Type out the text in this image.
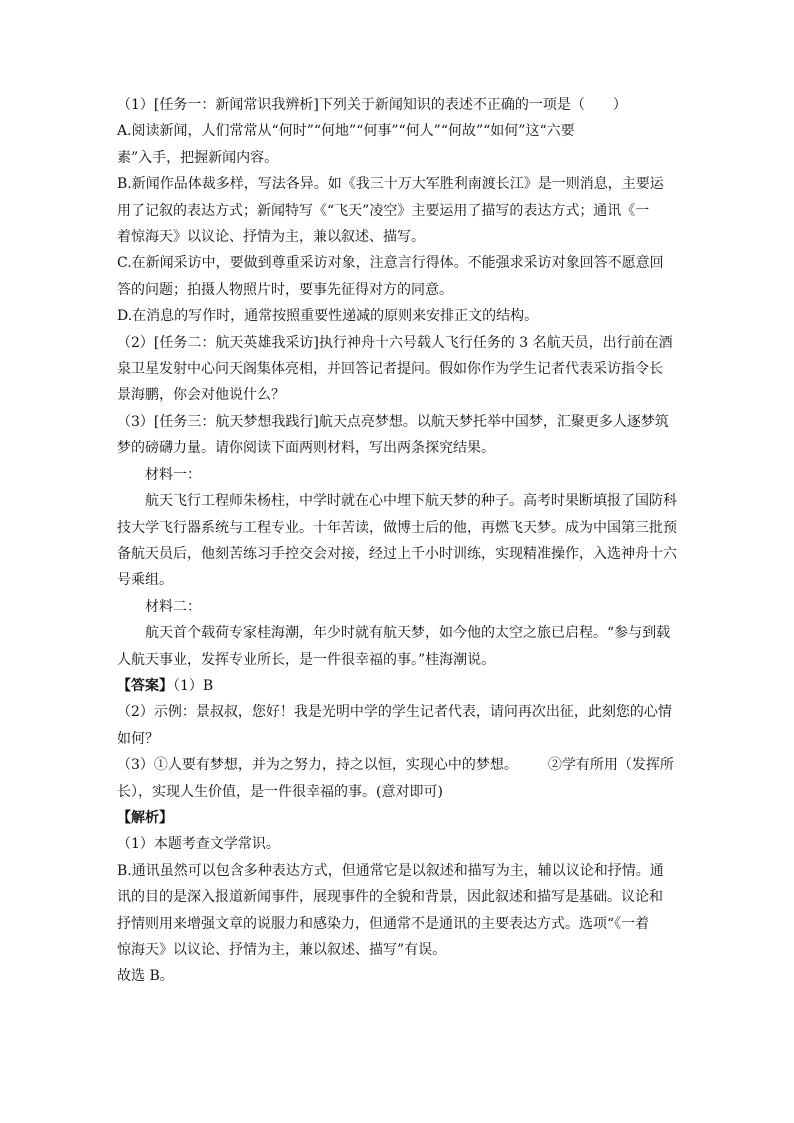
（1）[任务一：新闻常识我辨析]下列关于新闻知识的表述不正确的一项是（　　）

A.阅读新闻，人们常常从“何时”“何地”“何事”“何人”“何故”“如何”这“六要

素”入手，把握新闻内容。

B.新闻作品体裁多样，写法各异。如《我三十万大军胜利南渡长江》是一则消息，主要运

用了记叙的表达方式；新闻特写《“飞天”凌空》主要运用了描写的表达方式；通讯《一

着惊海天》以议论、抒情为主，兼以叙述、描写。

C.在新闻采访中，要做到尊重采访对象，注意言行得体。不能强求采访对象回答不愿意回

答的问题；拍摄人物照片时，要事先征得对方的同意。

D.在消息的写作时，通常按照重要性递减的原则来安排正文的结构。

（2）[任务二：航天英雄我采访]执行神舟十六号载人飞行任务的 3 名航天员，出行前在酒

泉卫星发射中心问天阁集体亮相，并回答记者提问。假如你作为学生记者代表采访指令长

景海鹏，你会对他说什么？

（3）[任务三：航天梦想我践行]航天点亮梦想。以航天梦托举中国梦，汇聚更多人逐梦筑

梦的磅礴力量。请你阅读下面两则材料，写出两条探究结果。

材料一：

航天飞行工程师朱杨柱，中学时就在心中埋下航天梦的种子。高考时果断填报了国防科

技大学飞行器系统与工程专业。十年苦读，做博士后的他，再燃飞天梦。成为中国第三批预

备航天员后，他刻苦练习手控交会对接，经过上千小时训练，实现精准操作，入选神舟十六

号乘组。

材料二：

航天首个载荷专家桂海潮，年少时就有航天梦，如今他的太空之旅已启程。“参与到载

人航天事业，发挥专业所长，是一件很幸福的事。”桂海潮说。

【答案】（1）B

（2）示例：景叔叔，您好！我是光明中学的学生记者代表，请问再次出征，此刻您的心情

如何？

（3）①人要有梦想，并为之努力，持之以恒，实现心中的梦想。 ②学有所用（发挥所

长），实现人生价值，是一件很幸福的事。(意对即可)

【解析】

（1）本题考查文学常识。

B.通讯虽然可以包含多种表达方式，但通常它是以叙述和描写为主，辅以议论和抒情。通

讯的目的是深入报道新闻事件，展现事件的全貌和背景，因此叙述和描写是基础。议论和

抒情则用来增强文章的说服力和感染力，但通常不是通讯的主要表达方式。选项“《一着

惊海天》以议论、抒情为主，兼以叙述、描写”有误。

故选 B。
